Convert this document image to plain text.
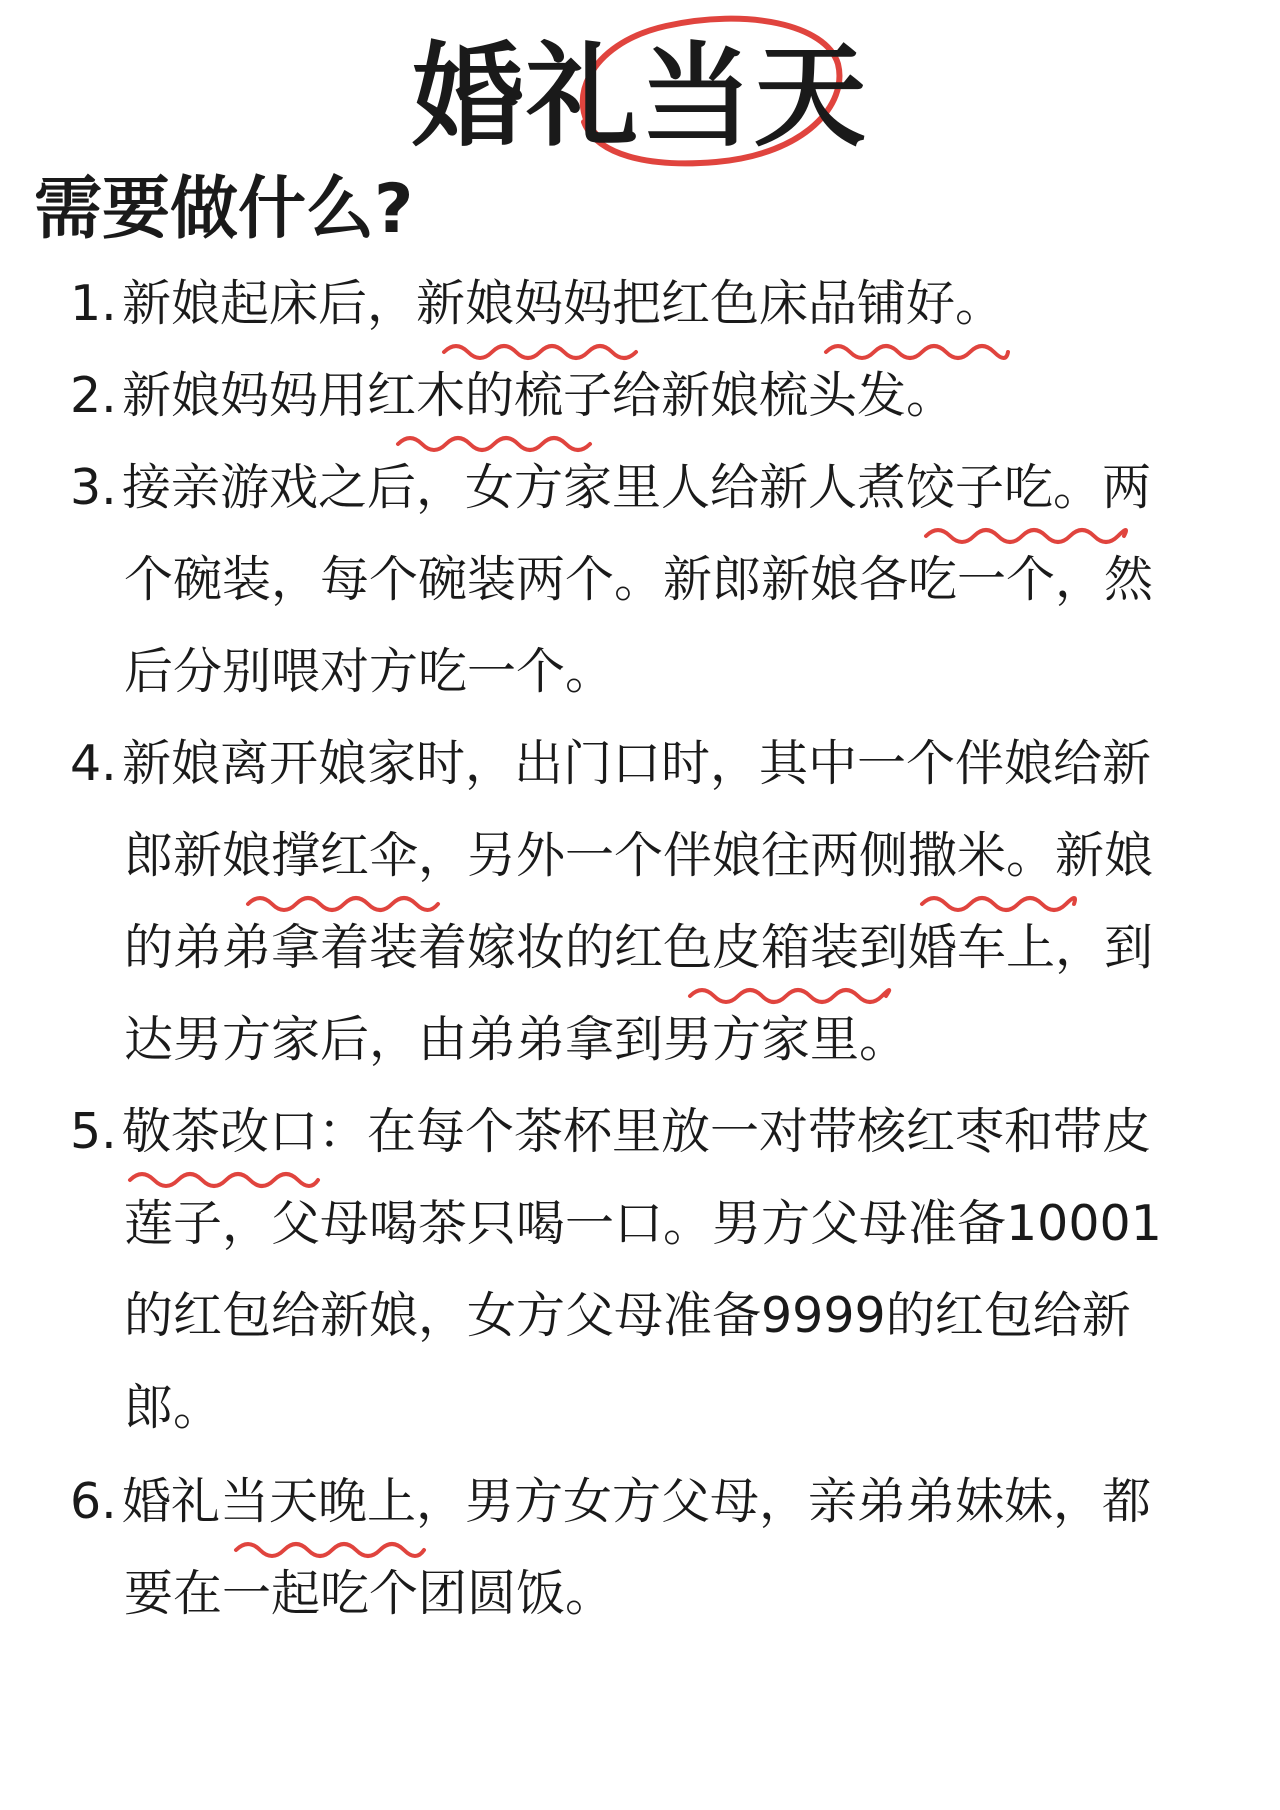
婚礼当天
需要做什么?
1. 新娘起床后，新娘妈妈把红色床品铺好。
2. 新娘妈妈用红木的梳子给新娘梳头发。
3. 接亲游戏之后，女方家里人给新人煮饺子吃。两
个碗装，每个碗装两个。新郎新娘各吃一个，然
后分别喂对方吃一个。
4. 新娘离开娘家时，出门口时，其中一个伴娘给新
郎新娘撑红伞，另外一个伴娘往两侧撒米。新娘
的弟弟拿着装着嫁妆的红色皮箱装到婚车上，到
达男方家后，由弟弟拿到男方家里。
5. 敬茶改口：在每个茶杯里放一对带核红枣和带皮
莲子，父母喝茶只喝一口。男方父母准备10001
的红包给新娘，女方父母准备9999的红包给新
郎。
6. 婚礼当天晚上，男方女方父母，亲弟弟妹妹，都
要在一起吃个团圆饭。
